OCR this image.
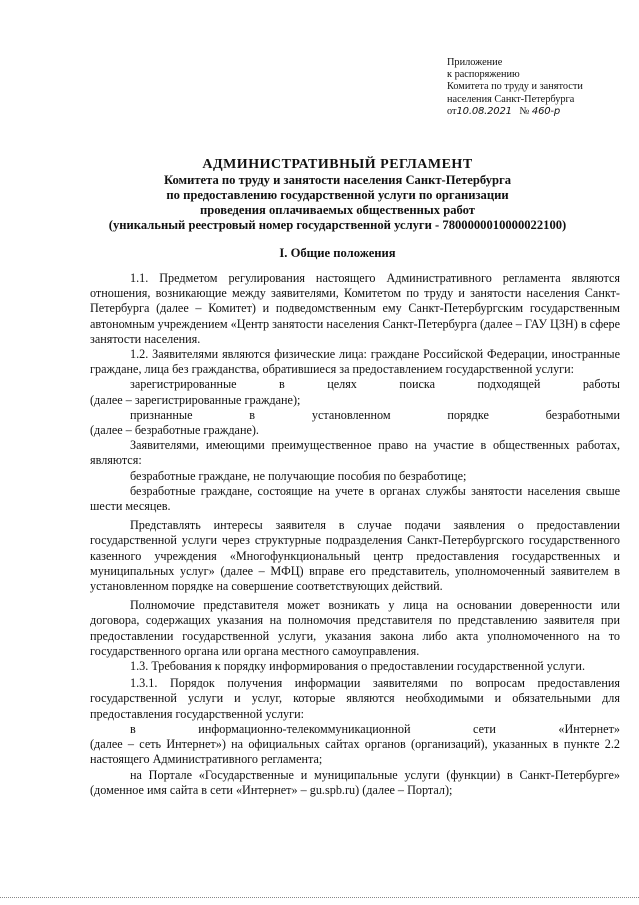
Приложение
к распоряжению
Комитета по труду и занятости
населения Санкт-Петербурга
от10.08.2021 № 460-р
АДМИНИСТРАТИВНЫЙ РЕГЛАМЕНТ
Комитета по труду и занятости населения Санкт-Петербурга
по предоставлению государственной услуги по организации
проведения оплачиваемых общественных работ
(уникальный реестровый номер государственной услуги - 7800000010000022100)
I. Общие положения

1.1. Предметом регулирования настоящего Административного регламента являются отношения, возникающие между заявителями, Комитетом по труду и занятости населения Санкт-Петербурга (далее – Комитет) и подведомственным ему Санкт-Петербургским государственным автономным учреждением «Центр занятости населения Санкт-Петербурга (далее – ГАУ ЦЗН) в сфере занятости населения.

1.2. Заявителями являются физические лица: граждане Российской Федерации, иностранные граждане, лица без гражданства, обратившиеся за предоставлением государственной услуги:

зарегистрированные в целях поиска подходящей работы

(далее – зарегистрированные граждане);

признанные в установленном порядке безработными

(далее – безработные граждане).

Заявителями, имеющими преимущественное право на участие в общественных работах, являются:

безработные граждане, не получающие пособия по безработице;

безработные граждане, состоящие на учете в органах службы занятости населения свыше шести месяцев.

Представлять интересы заявителя в случае подачи заявления о предоставлении государственной услуги через структурные подразделения Санкт-Петербургского государственного казенного учреждения «Многофункциональный центр предоставления государственных и муниципальных услуг» (далее – МФЦ) вправе его представитель, уполномоченный заявителем в установленном порядке на совершение соответствующих действий.

Полномочие представителя может возникать у лица на основании доверенности или договора, содержащих указания на полномочия представителя по представлению заявителя при предоставлении государственной услуги, указания закона либо акта уполномоченного на то государственного органа или органа местного самоуправления.

1.3. Требования к порядку информирования о предоставлении государственной услуги.

1.3.1. Порядок получения информации заявителями по вопросам предоставления государственной услуги и услуг, которые являются необходимыми и обязательными для предоставления государственной услуги:

в информационно-телекоммуникационной сети «Интернет»

(далее – сеть Интернет») на официальных сайтах органов (организаций), указанных в пункте 2.2 настоящего Административного регламента;

на Портале «Государственные и муниципальные услуги (функции) в Санкт-Петербурге» (доменное имя сайта в сети «Интернет» – gu.spb.ru) (далее – Портал);
